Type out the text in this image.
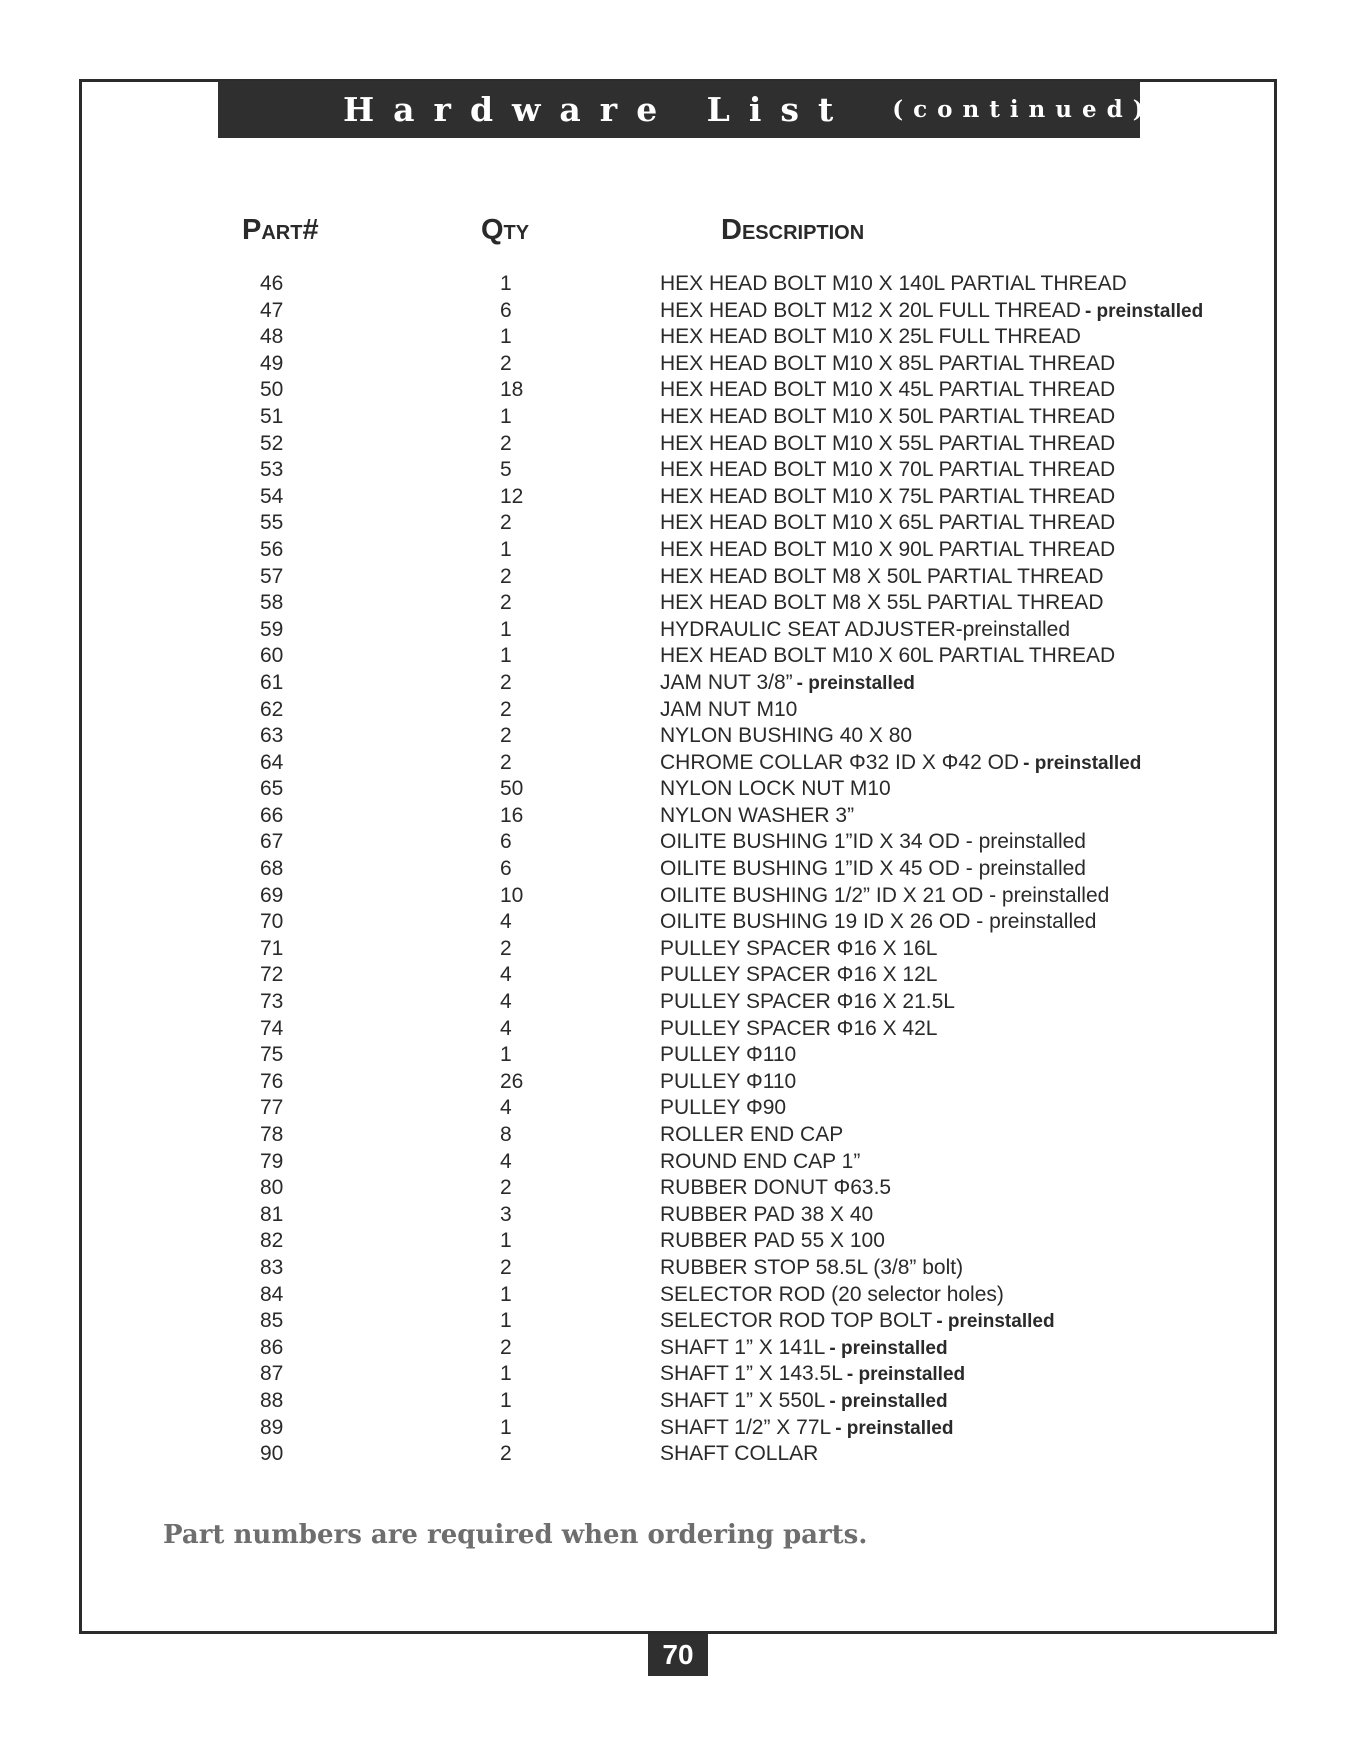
Hardware List (continued)
Part#	Qty	Description
46	1	HEX HEAD BOLT M10 X 140L PARTIAL THREAD
47	6	HEX HEAD BOLT M12 X 20L FULL THREAD - preinstalled
48	1	HEX HEAD BOLT M10 X 25L FULL THREAD
49	2	HEX HEAD BOLT M10 X 85L PARTIAL THREAD
50	18	HEX HEAD BOLT M10 X 45L PARTIAL THREAD
51	1	HEX HEAD BOLT M10 X 50L PARTIAL THREAD
52	2	HEX HEAD BOLT M10 X 55L PARTIAL THREAD
53	5	HEX HEAD BOLT M10 X 70L PARTIAL THREAD
54	12	HEX HEAD BOLT M10 X 75L PARTIAL THREAD
55	2	HEX HEAD BOLT M10 X 65L PARTIAL THREAD
56	1	HEX HEAD BOLT M10 X 90L PARTIAL THREAD
57	2	HEX HEAD BOLT M8 X 50L PARTIAL THREAD
58	2	HEX HEAD BOLT M8 X 55L PARTIAL THREAD
59	1	HYDRAULIC SEAT ADJUSTER-preinstalled
60	1	HEX HEAD BOLT M10 X 60L PARTIAL THREAD
61	2	JAM NUT 3/8” - preinstalled
62	2	JAM NUT M10
63	2	NYLON BUSHING 40 X 80
64	2	CHROME COLLAR Φ32 ID X Φ42 OD - preinstalled
65	50	NYLON LOCK NUT M10
66	16	NYLON WASHER 3”
67	6	OILITE BUSHING 1”ID X 34 OD - preinstalled
68	6	OILITE BUSHING 1”ID X 45 OD - preinstalled
69	10	OILITE BUSHING 1/2” ID X 21 OD - preinstalled
70	4	OILITE BUSHING 19 ID X 26 OD - preinstalled
71	2	PULLEY SPACER Φ16 X 16L
72	4	PULLEY SPACER Φ16 X 12L
73	4	PULLEY SPACER Φ16 X 21.5L
74	4	PULLEY SPACER Φ16 X 42L
75	1	PULLEY Φ110
76	26	PULLEY Φ110
77	4	PULLEY Φ90
78	8	ROLLER END CAP
79	4	ROUND END CAP 1”
80	2	RUBBER DONUT Φ63.5
81	3	RUBBER PAD 38 X 40
82	1	RUBBER PAD 55 X 100
83	2	RUBBER STOP 58.5L (3/8” bolt)
84	1	SELECTOR ROD (20 selector holes)
85	1	SELECTOR ROD TOP BOLT - preinstalled
86	2	SHAFT 1” X 141L - preinstalled
87	1	SHAFT 1” X 143.5L - preinstalled
88	1	SHAFT 1” X 550L - preinstalled
89	1	SHAFT 1/2” X 77L - preinstalled
90	2	SHAFT COLLAR
Part numbers are required when ordering parts.
70
